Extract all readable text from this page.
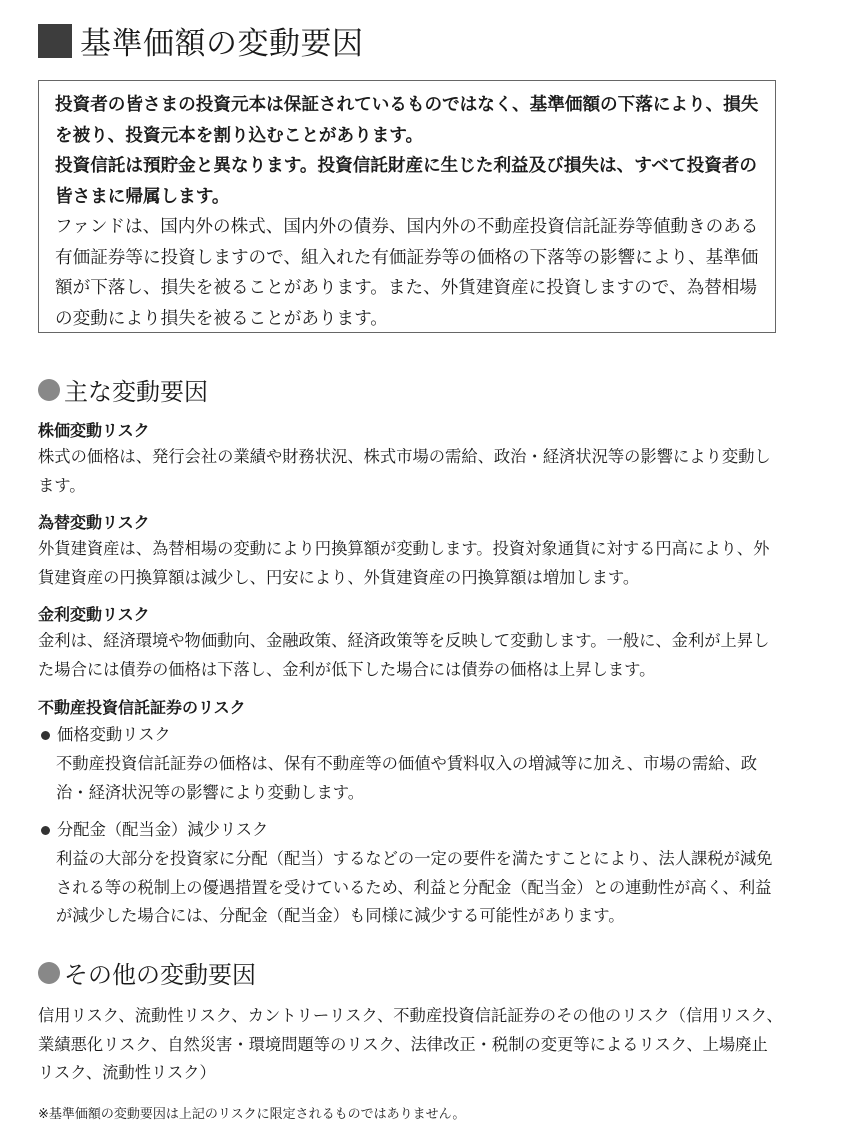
基準価額の変動要因

投資者の皆さまの投資元本は保証されているものではなく、基準価額の下落により、損失を被り、投資元本を割り込むことがあります。

投資信託は預貯金と異なります。投資信託財産に生じた利益及び損失は、すべて投資者の皆さまに帰属します。

ファンドは、国内外の株式、国内外の債券、国内外の不動産投資信託証券等値動きのある有価証券等に投資しますので、組入れた有価証券等の価格の下落等の影響により、基準価額が下落し、損失を被ることがあります。また、外貨建資産に投資しますので、為替相場の変動により損失を被ることがあります。

主な変動要因

株価変動リスク

株式の価格は、発行会社の業績や財務状況、株式市場の需給、政治・経済状況等の影響により変動します。

為替変動リスク

外貨建資産は、為替相場の変動により円換算額が変動します。投資対象通貨に対する円高により、外貨建資産の円換算額は減少し、円安により、外貨建資産の円換算額は増加します。

金利変動リスク

金利は、経済環境や物価動向、金融政策、経済政策等を反映して変動します。一般に、金利が上昇した場合には債券の価格は下落し、金利が低下した場合には債券の価格は上昇します。

不動産投資信託証券のリスク

価格変動リスク

不動産投資信託証券の価格は、保有不動産等の価値や賃料収入の増減等に加え、市場の需給、政治・経済状況等の影響により変動します。

分配金（配当金）減少リスク

利益の大部分を投資家に分配（配当）するなどの一定の要件を満たすことにより、法人課税が減免される等の税制上の優遇措置を受けているため、利益と分配金（配当金）との連動性が高く、利益が減少した場合には、分配金（配当金）も同様に減少する可能性があります。

その他の変動要因

信用リスク、流動性リスク、カントリーリスク、不動産投資信託証券のその他のリスク（信用リスク、業績悪化リスク、自然災害・環境問題等のリスク、法律改正・税制の変更等によるリスク、上場廃止リスク、流動性リスク）

※基準価額の変動要因は上記のリスクに限定されるものではありません。
